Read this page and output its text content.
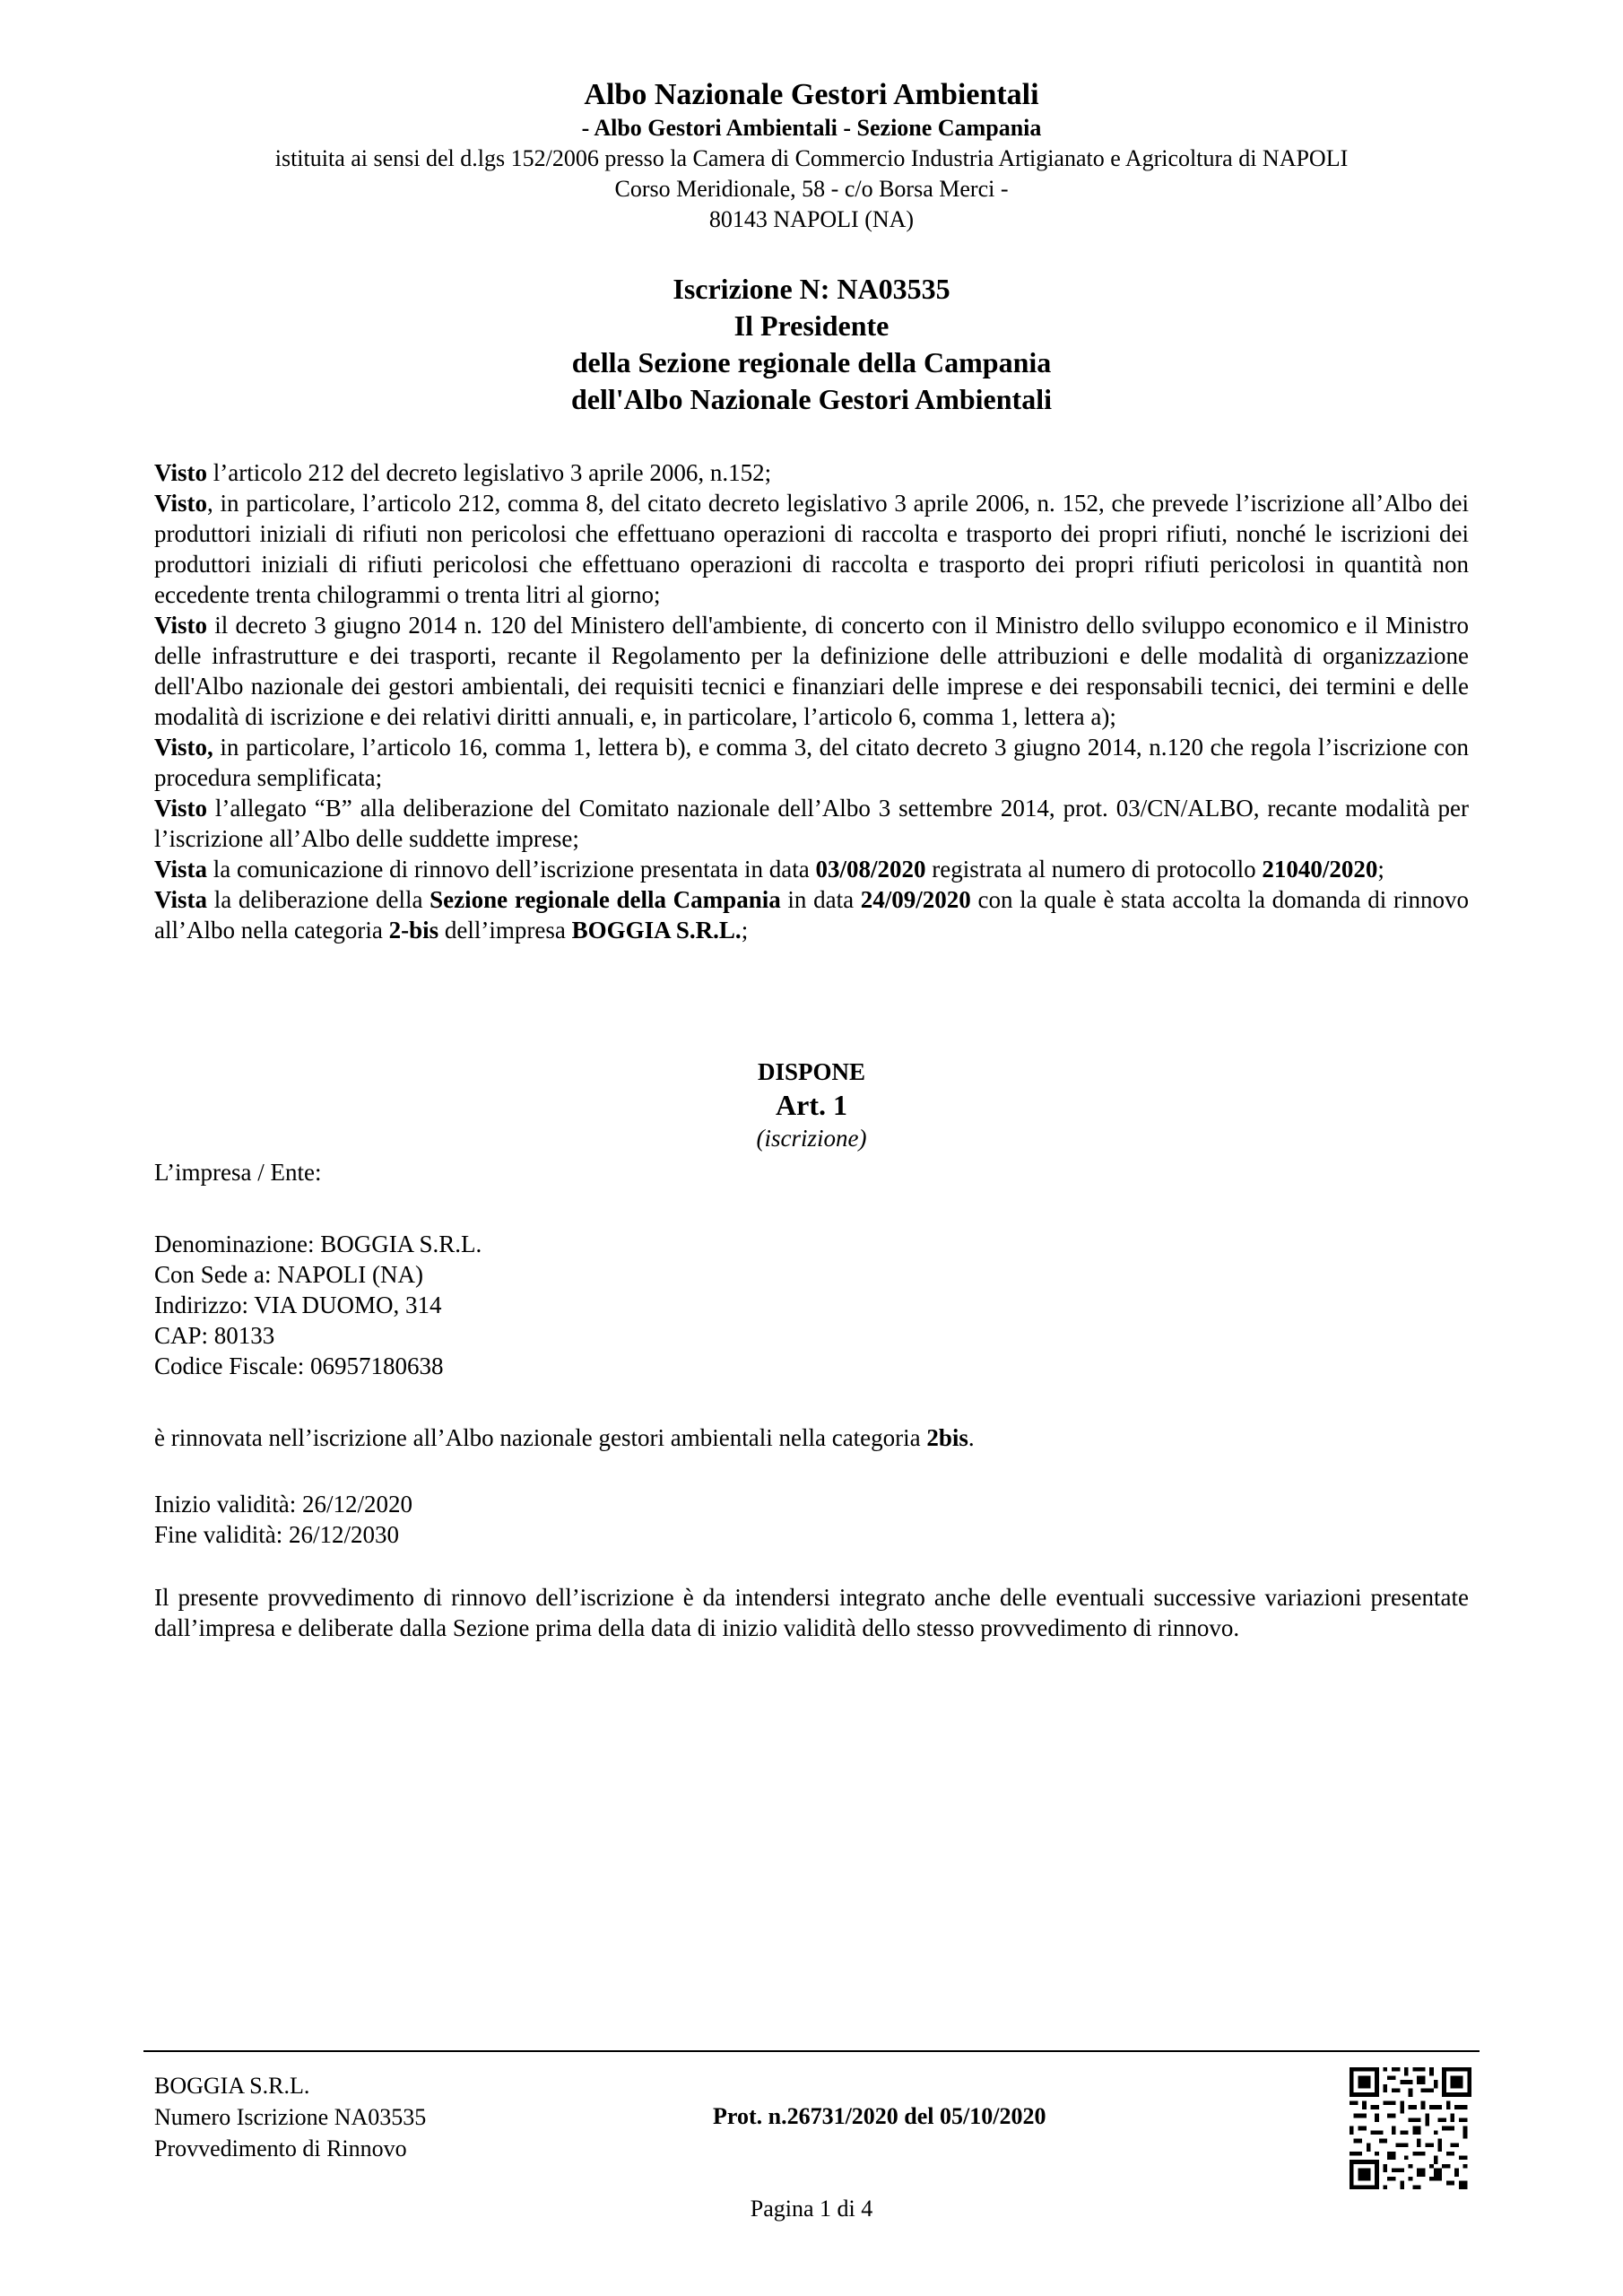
Albo Nazionale Gestori Ambientali
- Albo Gestori Ambientali - Sezione Campania
istituita ai sensi del d.lgs 152/2006 presso la Camera di Commercio Industria Artigianato e Agricoltura di NAPOLI
Corso Meridionale, 58 - c/o Borsa Merci -
80143 NAPOLI (NA)
Iscrizione N: NA03535
Il Presidente
della Sezione regionale della Campania
dell'Albo Nazionale Gestori Ambientali

Visto l’articolo 212 del decreto legislativo 3 aprile 2006, n.152;

Visto, in particolare, l’articolo 212, comma 8, del citato decreto legislativo 3 aprile 2006, n. 152, che prevede l’iscrizione all’Albo dei produttori iniziali di rifiuti non pericolosi che effettuano operazioni di raccolta e trasporto dei propri rifiuti, nonché le iscrizioni dei produttori iniziali di rifiuti pericolosi che effettuano operazioni di raccolta e trasporto dei propri rifiuti pericolosi in quantità non eccedente trenta chilogrammi o trenta litri al giorno;

Visto il decreto 3 giugno 2014 n. 120 del Ministero dell'ambiente, di concerto con il Ministro dello sviluppo economico e il Ministro delle infrastrutture e dei trasporti, recante il Regolamento per la definizione delle attribuzioni e delle modalità di organizzazione dell'Albo nazionale dei gestori ambientali, dei requisiti tecnici e finanziari delle imprese e dei responsabili tecnici, dei termini e delle modalità di iscrizione e dei relativi diritti annuali, e, in particolare, l’articolo 6, comma 1, lettera a);

Visto, in particolare, l’articolo 16, comma 1, lettera b), e comma 3, del citato decreto 3 giugno 2014, n.120 che regola l’iscrizione con procedura semplificata;

Visto l’allegato “B” alla deliberazione del Comitato nazionale dell’Albo 3 settembre 2014, prot. 03/CN/ALBO, recante modalità per l’iscrizione all’Albo delle suddette imprese;

Vista la comunicazione di rinnovo dell’iscrizione presentata in data 03/08/2020 registrata al numero di protocollo 21040/2020;

Vista la deliberazione della Sezione regionale della Campania in data 24/09/2020 con la quale è stata accolta la domanda di rinnovo all’Albo nella categoria 2-bis dell’impresa BOGGIA S.R.L.;

DISPONE
Art. 1
(iscrizione)
L’impresa / Ente:

Denominazione: BOGGIA S.R.L.

Con Sede a: NAPOLI (NA)

Indirizzo: VIA DUOMO, 314

CAP: 80133

Codice Fiscale: 06957180638

è rinnovata nell’iscrizione all’Albo nazionale gestori ambientali nella categoria 2bis.

Inizio validità: 26/12/2020

Fine validità: 26/12/2030

Il presente provvedimento di rinnovo dell’iscrizione è da intendersi integrato anche delle eventuali successive variazioni presentate dall’impresa e deliberate dalla Sezione prima della data di inizio validità dello stesso provvedimento di rinnovo.
BOGGIA S.R.L.
Numero Iscrizione NA03535
Provvedimento di Rinnovo
Prot. n.26731/2020 del 05/10/2020
Pagina 1 di 4
